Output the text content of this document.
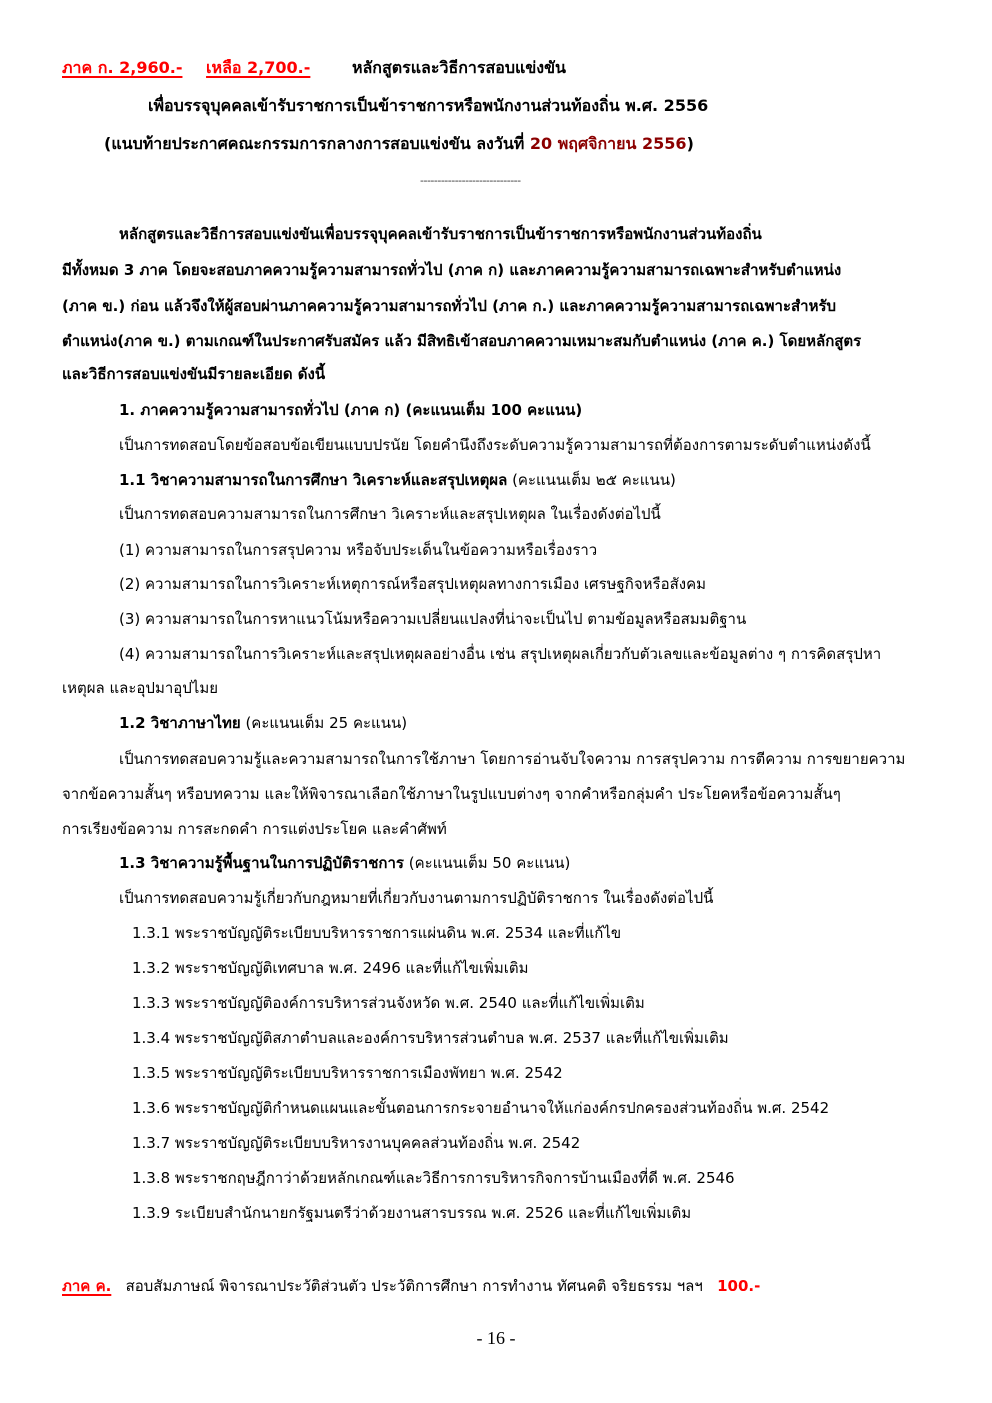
ภาค ก. 2,960.- เหลือ 2,700.-	หลักสูตรและวิธีการสอบแข่งขัน
เพื่อบรรจุบุคคลเข้ารับราชการเป็นข้าราชการหรือพนักงานส่วนท้องถิ่น พ.ศ. 2556
(แนบท้ายประกาศคณะกรรมการกลางการสอบแข่งขัน ลงวันที่ 20 พฤศจิกายน 2556)
-----------------------------
หลักสูตรและวิธีการสอบแข่งขันเพื่อบรรจุบุคคลเข้ารับราชการเป็นข้าราชการหรือพนักงานส่วนท้องถิ่น
มีทั้งหมด 3 ภาค โดยจะสอบภาคความรู้ความสามารถทั่วไป (ภาค ก) และภาคความรู้ความสามารถเฉพาะสำหรับตำแหน่ง
(ภาค ข.) ก่อน แล้วจึงให้ผู้สอบผ่านภาคความรู้ความสามารถทั่วไป (ภาค ก.) และภาคความรู้ความสามารถเฉพาะสำหรับ
ตำแหน่ง(ภาค ข.) ตามเกณฑ์ในประกาศรับสมัคร แล้ว มีสิทธิเข้าสอบภาคความเหมาะสมกับตำแหน่ง (ภาค ค.) โดยหลักสูตร
และวิธีการสอบแข่งขันมีรายละเอียด ดังนี้
1. ภาคความรู้ความสามารถทั่วไป (ภาค ก) (คะแนนเต็ม 100 คะแนน)
เป็นการทดสอบโดยข้อสอบข้อเขียนแบบปรนัย โดยคำนึงถึงระดับความรู้ความสามารถที่ต้องการตามระดับตำแหน่งดังนี้
1.1 วิชาความสามารถในการศึกษา วิเคราะห์และสรุปเหตุผล (คะแนนเต็ม ๒๕ คะแนน)
เป็นการทดสอบความสามารถในการศึกษา วิเคราะห์และสรุปเหตุผล ในเรื่องดังต่อไปนี้
(1) ความสามารถในการสรุปความ หรือจับประเด็นในข้อความหรือเรื่องราว
(2) ความสามารถในการวิเคราะห์เหตุการณ์หรือสรุปเหตุผลทางการเมือง เศรษฐกิจหรือสังคม
(3) ความสามารถในการหาแนวโน้มหรือความเปลี่ยนแปลงที่น่าจะเป็นไป ตามข้อมูลหรือสมมติฐาน
(4) ความสามารถในการวิเคราะห์และสรุปเหตุผลอย่างอื่น เช่น สรุปเหตุผลเกี่ยวกับตัวเลขและข้อมูลต่าง ๆ การคิดสรุปหา
เหตุผล และอุปมาอุปไมย
1.2 วิชาภาษาไทย (คะแนนเต็ม 25 คะแนน)
เป็นการทดสอบความรู้และความสามารถในการใช้ภาษา โดยการอ่านจับใจความ การสรุปความ การตีความ การขยายความ
จากข้อความสั้นๆ หรือบทความ และให้พิจารณาเลือกใช้ภาษาในรูปแบบต่างๆ จากคำหรือกลุ่มคำ ประโยคหรือข้อความสั้นๆ
การเรียงข้อความ การสะกดคำ การแต่งประโยค และคำศัพท์
1.3 วิชาความรู้พื้นฐานในการปฏิบัติราชการ (คะแนนเต็ม 50 คะแนน)
เป็นการทดสอบความรู้เกี่ยวกับกฎหมายที่เกี่ยวกับงานตามการปฏิบัติราชการ ในเรื่องดังต่อไปนี้
1.3.1 พระราชบัญญัติระเบียบบริหารราชการแผ่นดิน พ.ศ. 2534 และที่แก้ไข
1.3.2 พระราชบัญญัติเทศบาล พ.ศ. 2496 และที่แก้ไขเพิ่มเติม
1.3.3 พระราชบัญญัติองค์การบริหารส่วนจังหวัด พ.ศ. 2540 และที่แก้ไขเพิ่มเติม
1.3.4 พระราชบัญญัติสภาตำบลและองค์การบริหารส่วนตำบล พ.ศ. 2537 และที่แก้ไขเพิ่มเติม
1.3.5 พระราชบัญญัติระเบียบบริหารราชการเมืองพัทยา พ.ศ. 2542
1.3.6 พระราชบัญญัติกำหนดแผนและขั้นตอนการกระจายอำนาจให้แก่องค์กรปกครองส่วนท้องถิ่น พ.ศ. 2542
1.3.7 พระราชบัญญัติระเบียบบริหารงานบุคคลส่วนท้องถิ่น พ.ศ. 2542
1.3.8 พระราชกฤษฎีกาว่าด้วยหลักเกณฑ์และวิธีการการบริหารกิจการบ้านเมืองที่ดี พ.ศ. 2546
1.3.9 ระเบียบสำนักนายกรัฐมนตรีว่าด้วยงานสารบรรณ พ.ศ. 2526 และที่แก้ไขเพิ่มเติม
ภาค ค. สอบสัมภาษณ์ พิจารณาประวัติส่วนตัว ประวัติการศึกษา การทำงาน ทัศนคติ จริยธรรม ฯลฯ 100.-
- 16 -
